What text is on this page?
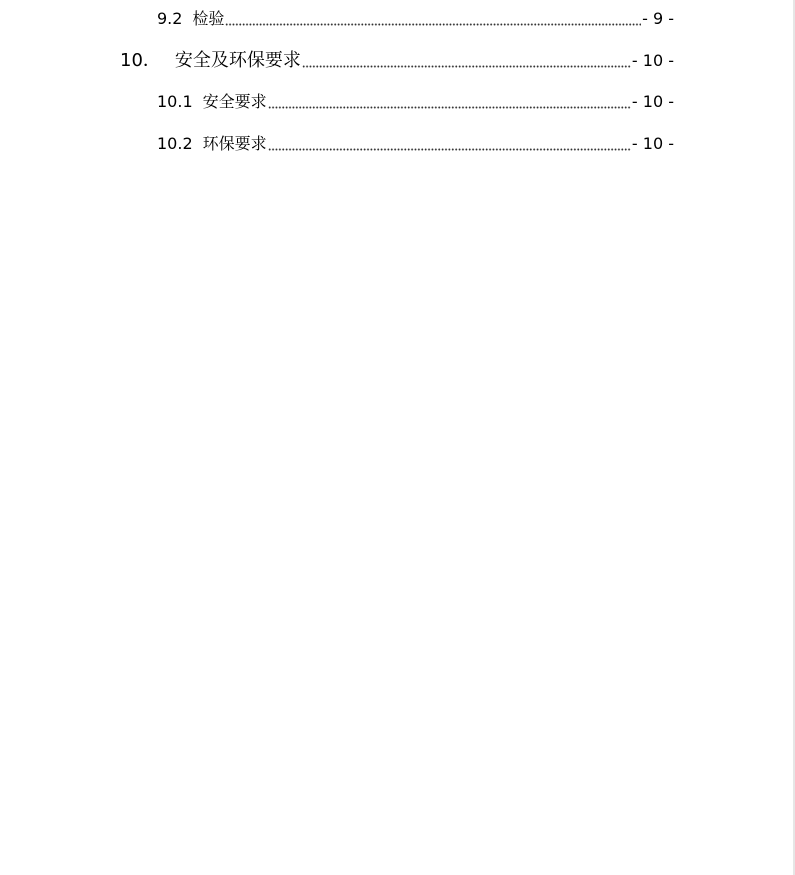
9.2 检验	- 9 -
10． 安全及环保要求	- 10 -
10.1 安全要求	- 10 -
10.2 环保要求	- 10 -
